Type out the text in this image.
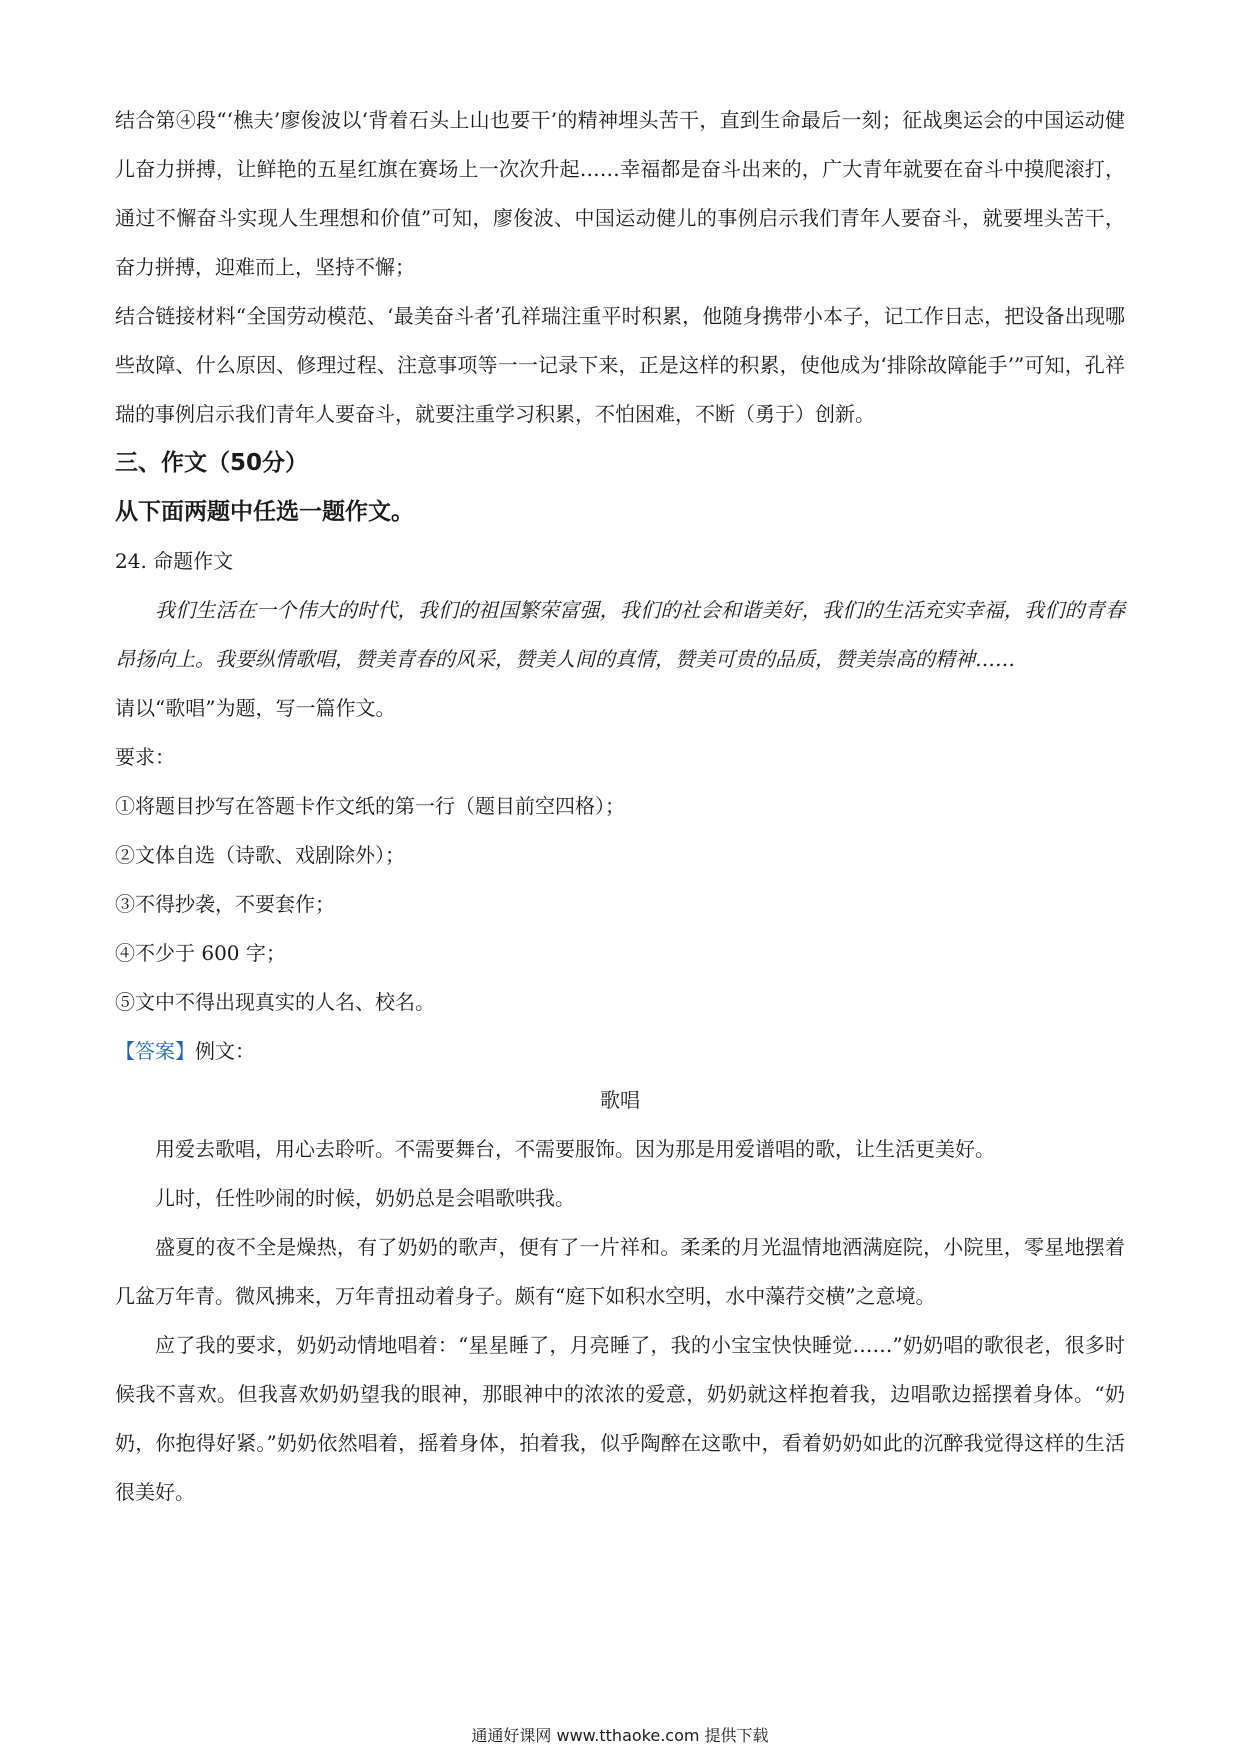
结合第④段“‘樵夫’廖俊波以‘背着石头上山也要干’的精神埋头苦干，直到生命最后一刻；征战奥运会的中国运动健儿奋力拼搏，让鲜艳的五星红旗在赛场上一次次升起……幸福都是奋斗出来的，广大青年就要在奋斗中摸爬滚打，通过不懈奋斗实现人生理想和价值”可知，廖俊波、中国运动健儿的事例启示我们青年人要奋斗，就要埋头苦干，奋力拼搏，迎难而上，坚持不懈；

结合链接材料“全国劳动模范、‘最美奋斗者’孔祥瑞注重平时积累，他随身携带小本子，记工作日志，把设备出现哪些故障、什么原因、修理过程、注意事项等一一记录下来，正是这样的积累，使他成为‘排除故障能手’”可知，孔祥瑞的事例启示我们青年人要奋斗，就要注重学习积累，不怕困难，不断（勇于）创新。

三、作文（50分）

从下面两题中任选一题作文。

24. 命题作文

我们生活在一个伟大的时代，我们的祖国繁荣富强，我们的社会和谐美好，我们的生活充实幸福，我们的青春昂扬向上。我要纵情歌唱，赞美青春的风采，赞美人间的真情，赞美可贵的品质，赞美崇高的精神……

请以“歌唱”为题，写一篇作文。

要求：

①将题目抄写在答题卡作文纸的第一行（题目前空四格）；

②文体自选（诗歌、戏剧除外）；

③不得抄袭，不要套作；

④不少于 600 字；

⑤文中不得出现真实的人名、校名。

【答案】例文：

歌唱

用爱去歌唱，用心去聆听。不需要舞台，不需要服饰。因为那是用爱谱唱的歌，让生活更美好。

儿时，任性吵闹的时候，奶奶总是会唱歌哄我。

盛夏的夜不全是燥热，有了奶奶的歌声，便有了一片祥和。柔柔的月光温情地洒满庭院，小院里，零星地摆着几盆万年青。微风拂来，万年青扭动着身子。颇有“庭下如积水空明，水中藻荇交横”之意境。

应了我的要求，奶奶动情地唱着：“星星睡了，月亮睡了，我的小宝宝快快睡觉……”奶奶唱的歌很老，很多时候我不喜欢。但我喜欢奶奶望我的眼神，那眼神中的浓浓的爱意，奶奶就这样抱着我，边唱歌边摇摆着身体。“奶奶，你抱得好紧。”奶奶依然唱着，摇着身体，拍着我，似乎陶醉在这歌中，看着奶奶如此的沉醉我觉得这样的生活很美好。

通通好课网 www.tthaoke.com 提供下载
